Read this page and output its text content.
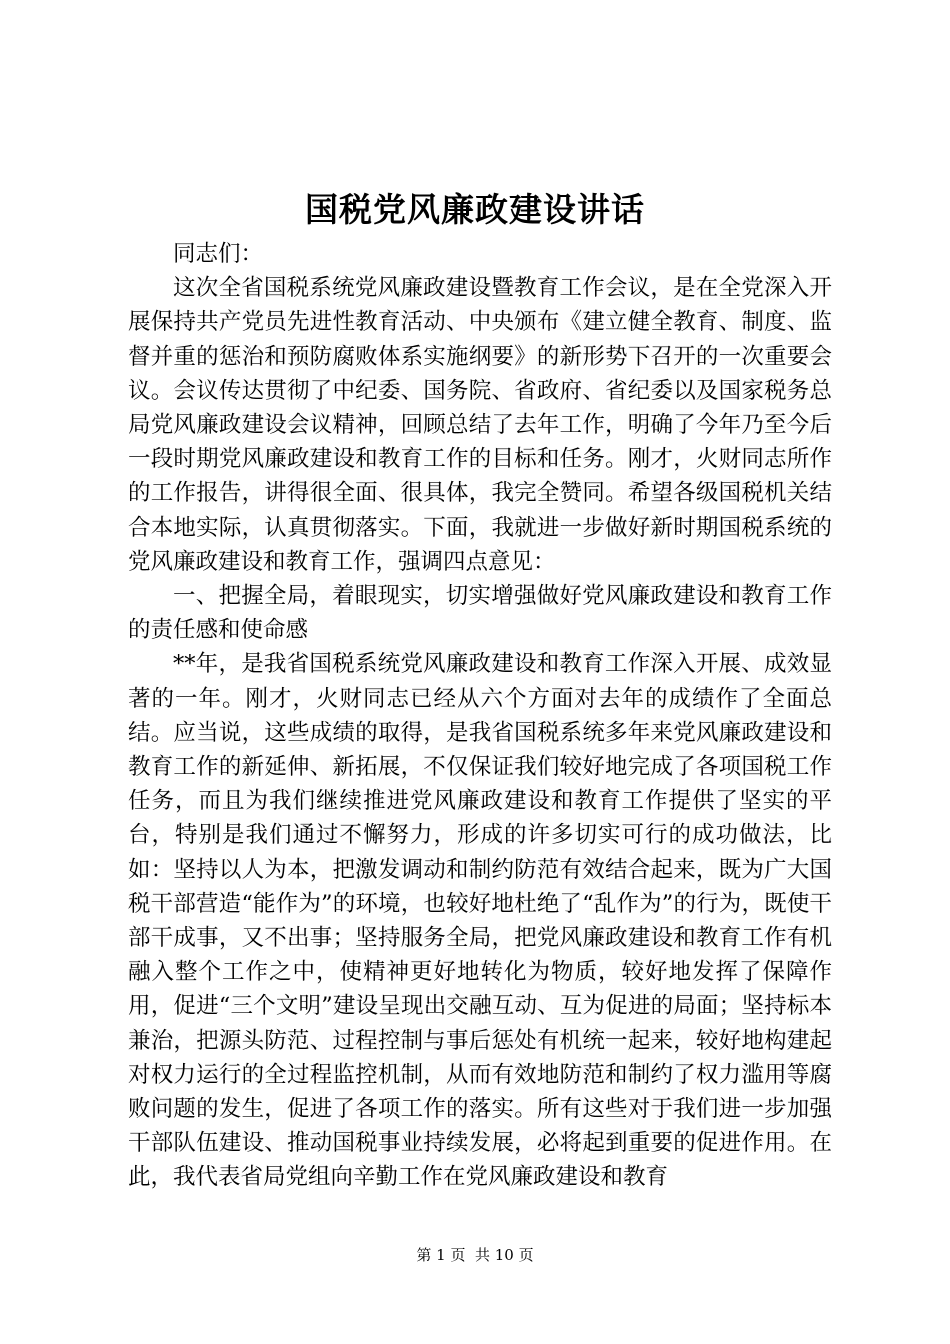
国税党风廉政建设讲话

同志们：

这次全省国税系统党风廉政建设暨教育工作会议，是在全党深入开展保持共产党员先进性教育活动、中央颁布《建立健全教育、制度、监督并重的惩治和预防腐败体系实施纲要》的新形势下召开的一次重要会议。会议传达贯彻了中纪委、国务院、省政府、省纪委以及国家税务总局党风廉政建设会议精神，回顾总结了去年工作，明确了今年乃至今后一段时期党风廉政建设和教育工作的目标和任务。刚才，火财同志所作的工作报告，讲得很全面、很具体，我完全赞同。希望各级国税机关结合本地实际，认真贯彻落实。下面，我就进一步做好新时期国税系统的党风廉政建设和教育工作，强调四点意见：

一、把握全局，着眼现实，切实增强做好党风廉政建设和教育工作的责任感和使命感

**年，是我省国税系统党风廉政建设和教育工作深入开展、成效显著的一年。刚才，火财同志已经从六个方面对去年的成绩作了全面总结。应当说，这些成绩的取得，是我省国税系统多年来党风廉政建设和教育工作的新延伸、新拓展，不仅保证我们较好地完成了各项国税工作任务，而且为我们继续推进党风廉政建设和教育工作提供了坚实的平台，特别是我们通过不懈努力，形成的许多切实可行的成功做法，比如：坚持以人为本，把激发调动和制约防范有效结合起来，既为广大国税干部营造“能作为”的环境，也较好地杜绝了“乱作为”的行为，既使干部干成事，又不出事；坚持服务全局，把党风廉政建设和教育工作有机融入整个工作之中，使精神更好地转化为物质，较好地发挥了保障作用，促进“三个文明”建设呈现出交融互动、互为促进的局面；坚持标本兼治，把源头防范、过程控制与事后惩处有机统一起来，较好地构建起对权力运行的全过程监控机制，从而有效地防范和制约了权力滥用等腐败问题的发生，促进了各项工作的落实。所有这些对于我们进一步加强干部队伍建设、推动国税事业持续发展，必将起到重要的促进作用。在此，我代表省局党组向辛勤工作在党风廉政建设和教育

第 1 页 共 10 页
